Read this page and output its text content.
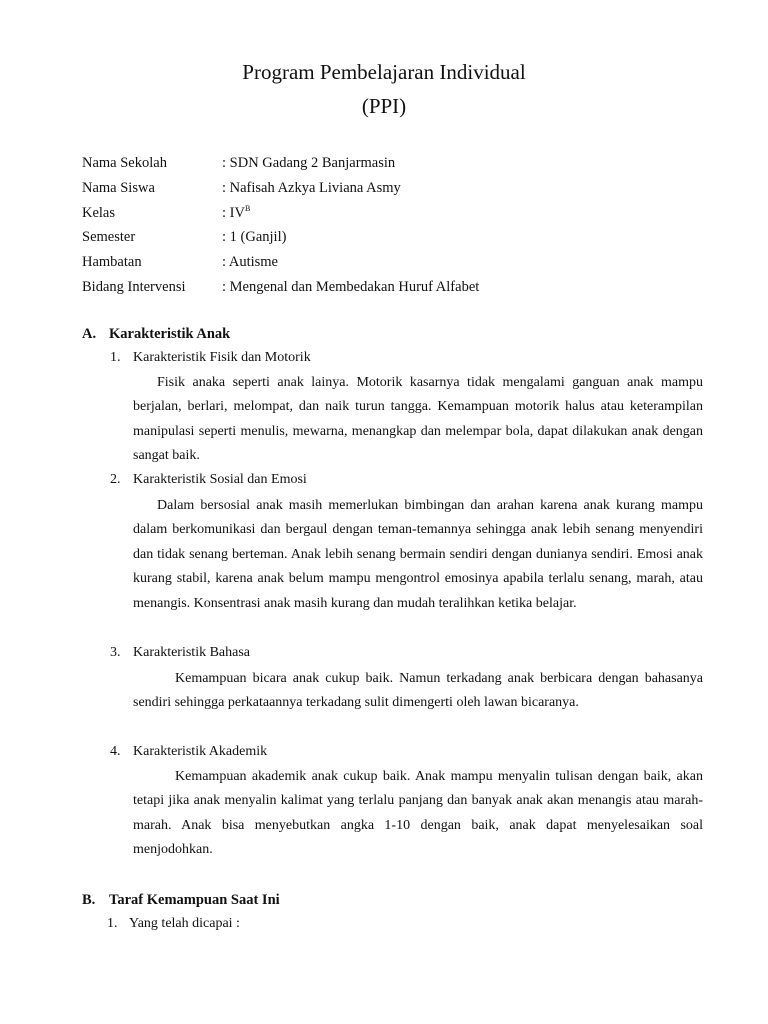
Program Pembelajaran Individual
(PPI)
Nama Sekolah	: SDN Gadang 2 Banjarmasin
Nama Siswa	: Nafisah Azkya Liviana Asmy
Kelas	: $IV^B$
Semester	: 1 (Ganjil)
Hambatan	: Autisme
Bidang Intervensi	: Mengenal dan Membedakan Huruf Alfabet
A. Karakteristik Anak
1. Karakteristik Fisik dan Motorik

Fisik anaka seperti anak lainya. Motorik kasarnya tidak mengalami ganguan anak mampu berjalan, berlari, melompat, dan naik turun tangga. Kemampuan motorik halus atau keterampilan manipulasi seperti menulis, mewarna, menangkap dan melempar bola, dapat dilakukan anak dengan sangat baik.

2. Karakteristik Sosial dan Emosi

Dalam bersosial anak masih memerlukan bimbingan dan arahan karena anak kurang mampu dalam berkomunikasi dan bergaul dengan teman-temannya sehingga anak lebih senang menyendiri dan tidak senang berteman. Anak lebih senang bermain sendiri dengan dunianya sendiri. Emosi anak kurang stabil, karena anak belum mampu mengontrol emosinya apabila terlalu senang, marah, atau menangis. Konsentrasi anak masih kurang dan mudah teralihkan ketika belajar.

3. Karakteristik Bahasa

Kemampuan bicara anak cukup baik. Namun terkadang anak berbicara dengan bahasanya sendiri sehingga perkataannya terkadang sulit dimengerti oleh lawan bicaranya.

4. Karakteristik Akademik

Kemampuan akademik anak cukup baik. Anak mampu menyalin tulisan dengan baik, akan tetapi jika anak menyalin kalimat yang terlalu panjang dan banyak anak akan menangis atau marah-marah. Anak bisa menyebutkan angka 1-10 dengan baik, anak dapat menyelesaikan soal menjodohkan.

B. Taraf Kemampuan Saat Ini
1. Yang telah dicapai :
